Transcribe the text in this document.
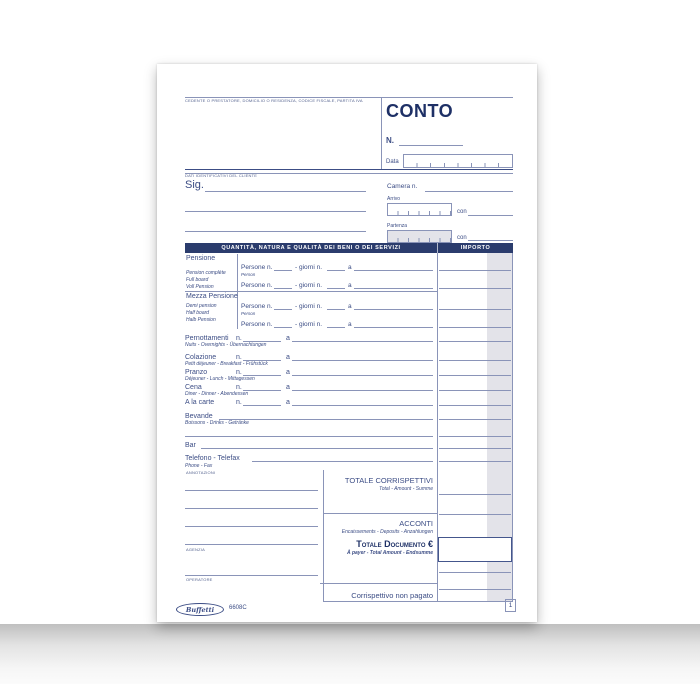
CEDENTE O PRESTATORE, DOMICILIO O RESIDENZA, CODICE FISCALE, PARTITA IVA
CONTO
N.
Data
DATI IDENTIFICATIVI DEL CLIENTE
Sig.	Camera n.
Arrivo
con
Partenza
con
QUANTITÀ, NATURA E QUALITÀ DEI BENI O DEI SERVIZI	IMPORTO
Pensione
Pension complète
Full board
Voll Pension
Persone n.	- giorni n.	a
Person
Persone n.	- giorni n.	a
Mezza Pensione
Demi pension
Half board
Halb Pension
Persone n.	- giorni n.	a
Person
Persone n.	- giorni n.	a
Pernottamenti n.	a
Nuits - Overnights - Übernachtungen
Colazione	n.	a
Petit déjeuner - Breakfast - Frühstück
Pranzo	n.	a
Déjeuner - Lunch - Mittagessen
Cena	n.	a
Diner - Dinner - Abendessen
A la carte	n.	a
Bevande
Boissons - Drinks - Getränke
Bar
Telefono - Telefax
Phone - Fax
ANNOTAZIONI
AGENZIA
OPERATORE
TOTALE CORRISPETTIVI
Total - Amount - Summe
ACCONTI
Encaissements - Deposits - Anzahlungen
Totale Documento €
À payer - Total Amount - Endsumme
Corrispettivo non pagato
Buffetti 6608C	1
